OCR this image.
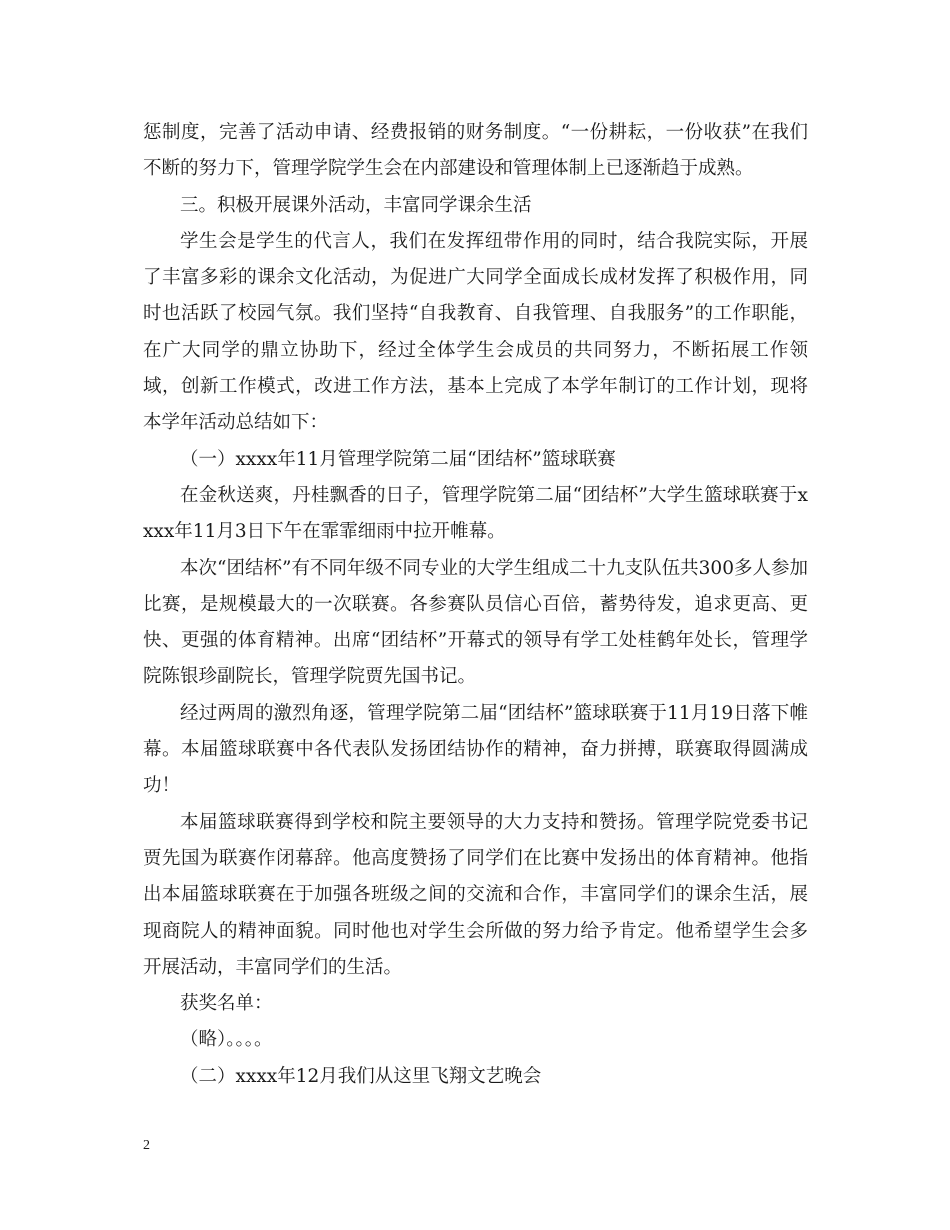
惩制度，完善了活动申请、经费报销的财务制度。“一份耕耘，一份收获”在我们不断的努力下，管理学院学生会在内部建设和管理体制上已逐渐趋于成熟。

三。积极开展课外活动，丰富同学课余生活

学生会是学生的代言人，我们在发挥纽带作用的同时，结合我院实际，开展了丰富多彩的课余文化活动，为促进广大同学全面成长成材发挥了积极作用，同时也活跃了校园气氛。我们坚持“自我教育、自我管理、自我服务”的工作职能，在广大同学的鼎立协助下，经过全体学生会成员的共同努力，不断拓展工作领域，创新工作模式，改进工作方法，基本上完成了本学年制订的工作计划，现将本学年活动总结如下：

（一）xxxx年11月管理学院第二届“团结杯”篮球联赛

在金秋送爽，丹桂飘香的日子，管理学院第二届“团结杯”大学生篮球联赛于xxxx年11月3日下午在霏霏细雨中拉开帷幕。

本次“团结杯”有不同年级不同专业的大学生组成二十九支队伍共300多人参加比赛，是规模最大的一次联赛。各参赛队员信心百倍，蓄势待发，追求更高、更快、更强的体育精神。出席“团结杯”开幕式的领导有学工处桂鹤年处长，管理学院陈银珍副院长，管理学院贾先国书记。

经过两周的激烈角逐，管理学院第二届“团结杯”篮球联赛于11月19日落下帷幕。本届篮球联赛中各代表队发扬团结协作的精神，奋力拼搏，联赛取得圆满成功！

本届篮球联赛得到学校和院主要领导的大力支持和赞扬。管理学院党委书记贾先国为联赛作闭幕辞。他高度赞扬了同学们在比赛中发扬出的体育精神。他指出本届篮球联赛在于加强各班级之间的交流和合作，丰富同学们的课余生活，展现商院人的精神面貌。同时他也对学生会所做的努力给予肯定。他希望学生会多开展活动，丰富同学们的生活。

获奖名单：

（略）。。。。

（二）xxxx年12月我们从这里飞翔文艺晚会

2
